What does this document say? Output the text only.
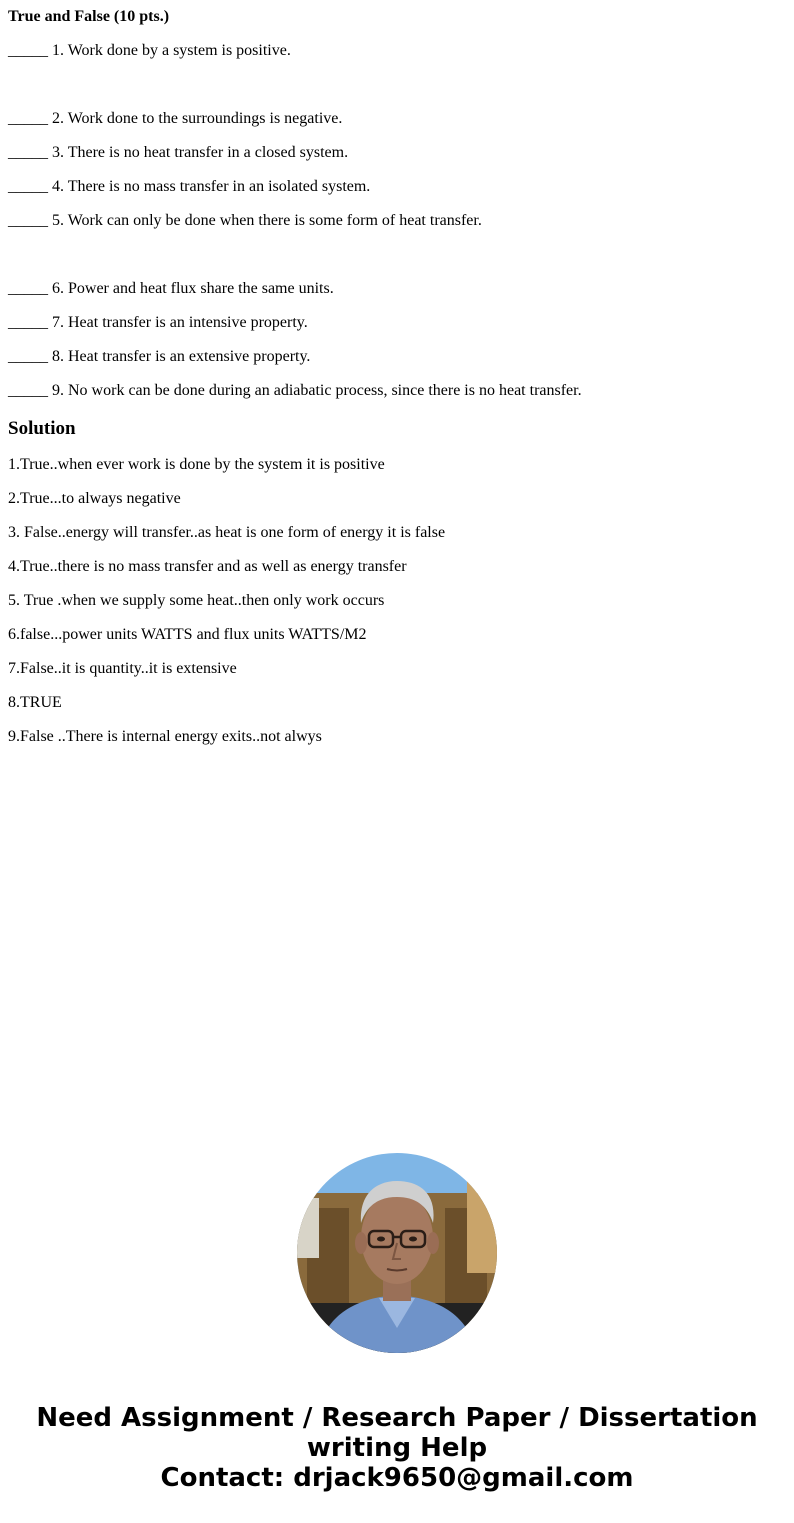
True and False (10 pts.)
_____ 1. Work done by a system is positive.
_____ 2. Work done to the surroundings is negative.
_____ 3. There is no heat transfer in a closed system.
_____ 4. There is no mass transfer in an isolated system.
_____ 5. Work can only be done when there is some form of heat transfer.
_____ 6. Power and heat flux share the same units.
_____ 7. Heat transfer is an intensive property.
_____ 8. Heat transfer is an extensive property.
_____ 9. No work can be done during an adiabatic process, since there is no heat transfer.
Solution
1.True..when ever work is done by the system it is positive
2.True...to always negative
3. False..energy will transfer..as heat is one form of energy it is false
4.True..there is no mass transfer and as well as energy transfer
5. True .when we supply some heat..then only work occurs
6.false...power units WATTS and flux units WATTS/M2
7.False..it is quantity..it is extensive
8.TRUE
9.False ..There is internal energy exits..not alwys
Need Assignment / Research Paper / Dissertation
writing Help
Contact: drjack9650@gmail.com
